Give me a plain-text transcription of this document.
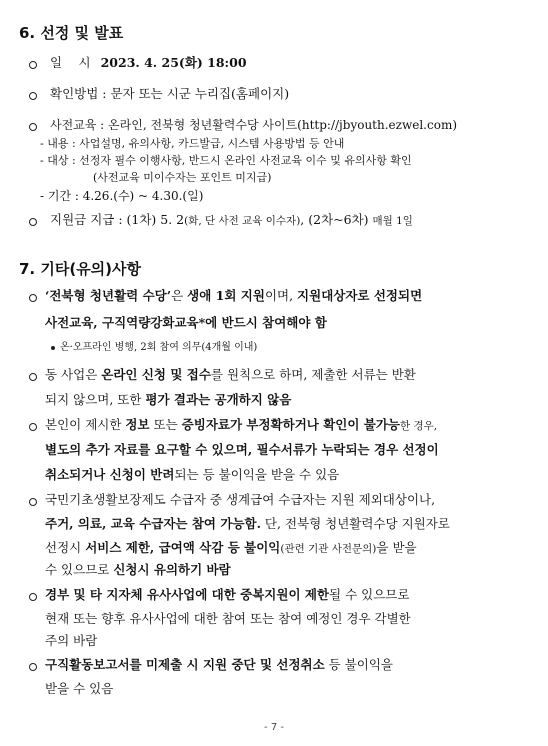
6. 선정 및 발표
일　 시 2023. 4. 25(화) 18:00
확인방법 : 문자 또는 시군 누리집(홈페이지)
사전교육 : 온라인, 전북형 청년활력수당 사이트(http://jbyouth.ezwel.com)
- 내용 : 사업설명, 유의사항, 카드발급, 시스템 사용방법 등 안내
- 대상 : 선정자 필수 이행사항, 반드시 온라인 사전교육 이수 및 유의사항 확인
(사전교육 미이수자는 포인트 미지급)
- 기간 : 4.26.(수) ~ 4.30.(일)
지원금 지급 : (1차) 5. 2(화, 단 사전 교육 이수자), (2차~6차) 매월 1일
7. 기타(유의)사항
‘전북형 청년활력 수당’은 생애 1회 지원이며, 지원대상자로 선정되면
사전교육, 구직역량강화교육*에 반드시 참여해야 함
온·오프라인 병행, 2회 참여 의무(4개월 이내)
동 사업은 온라인 신청 및 접수를 원칙으로 하며, 제출한 서류는 반환
되지 않으며, 또한 평가 결과는 공개하지 않음
본인이 제시한 정보 또는 증빙자료가 부정확하거나 확인이 불가능한 경우,
별도의 추가 자료를 요구할 수 있으며, 필수서류가 누락되는 경우 선정이
취소되거나 신청이 반려되는 등 불이익을 받을 수 있음
국민기초생활보장제도 수급자 중 생계급여 수급자는 지원 제외대상이나,
주거, 의료, 교육 수급자는 참여 가능함. 단, 전북형 청년활력수당 지원자로
선정시 서비스 제한, 급여액 삭감 등 불이익(관련 기관 사전문의)을 받을
수 있으므로 신청시 유의하기 바람
경부 및 타 지자체 유사사업에 대한 중복지원이 제한될 수 있으므로
현재 또는 향후 유사사업에 대한 참여 또는 참여 예정인 경우 각별한
주의 바람
구직활동보고서를 미제출 시 지원 중단 및 선정취소 등 불이익을
받을 수 있음
- 7 -
